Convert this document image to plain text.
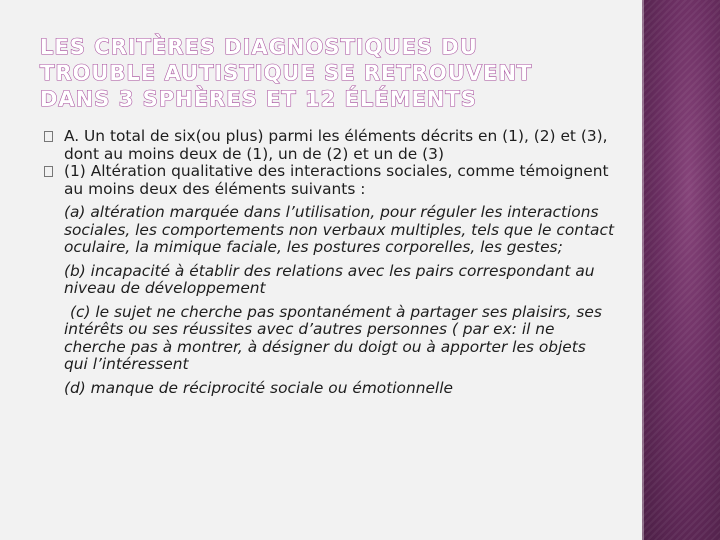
LES CRITÈRES DIAGNOSTIQUES DU TROUBLE AUTISTIQUE SE RETROUVENT DANS 3 SPHÈRES ET 12 ÉLÉMENTS
A. Un total de six(ou plus) parmi les éléments décrits en (1), (2) et (3), dont au moins deux de (1), un de (2) et un de (3)
(1) Altération qualitative des interactions sociales, comme témoignent au moins deux des éléments suivants :
(a) altération marquée dans l’utilisation, pour réguler les interactions sociales, les comportements non verbaux multiples, tels que le contact oculaire, la mimique faciale, les postures corporelles, les gestes;
(b) incapacité à établir des relations avec les pairs correspondant au niveau de développement
(c) le sujet ne cherche pas spontanément à partager ses plaisirs, ses intérêts ou ses réussites avec d’autres personnes ( par ex: il ne cherche pas à montrer, à désigner du doigt ou à apporter les objets qui l’intéressent
(d) manque de réciprocité sociale ou émotionnelle
